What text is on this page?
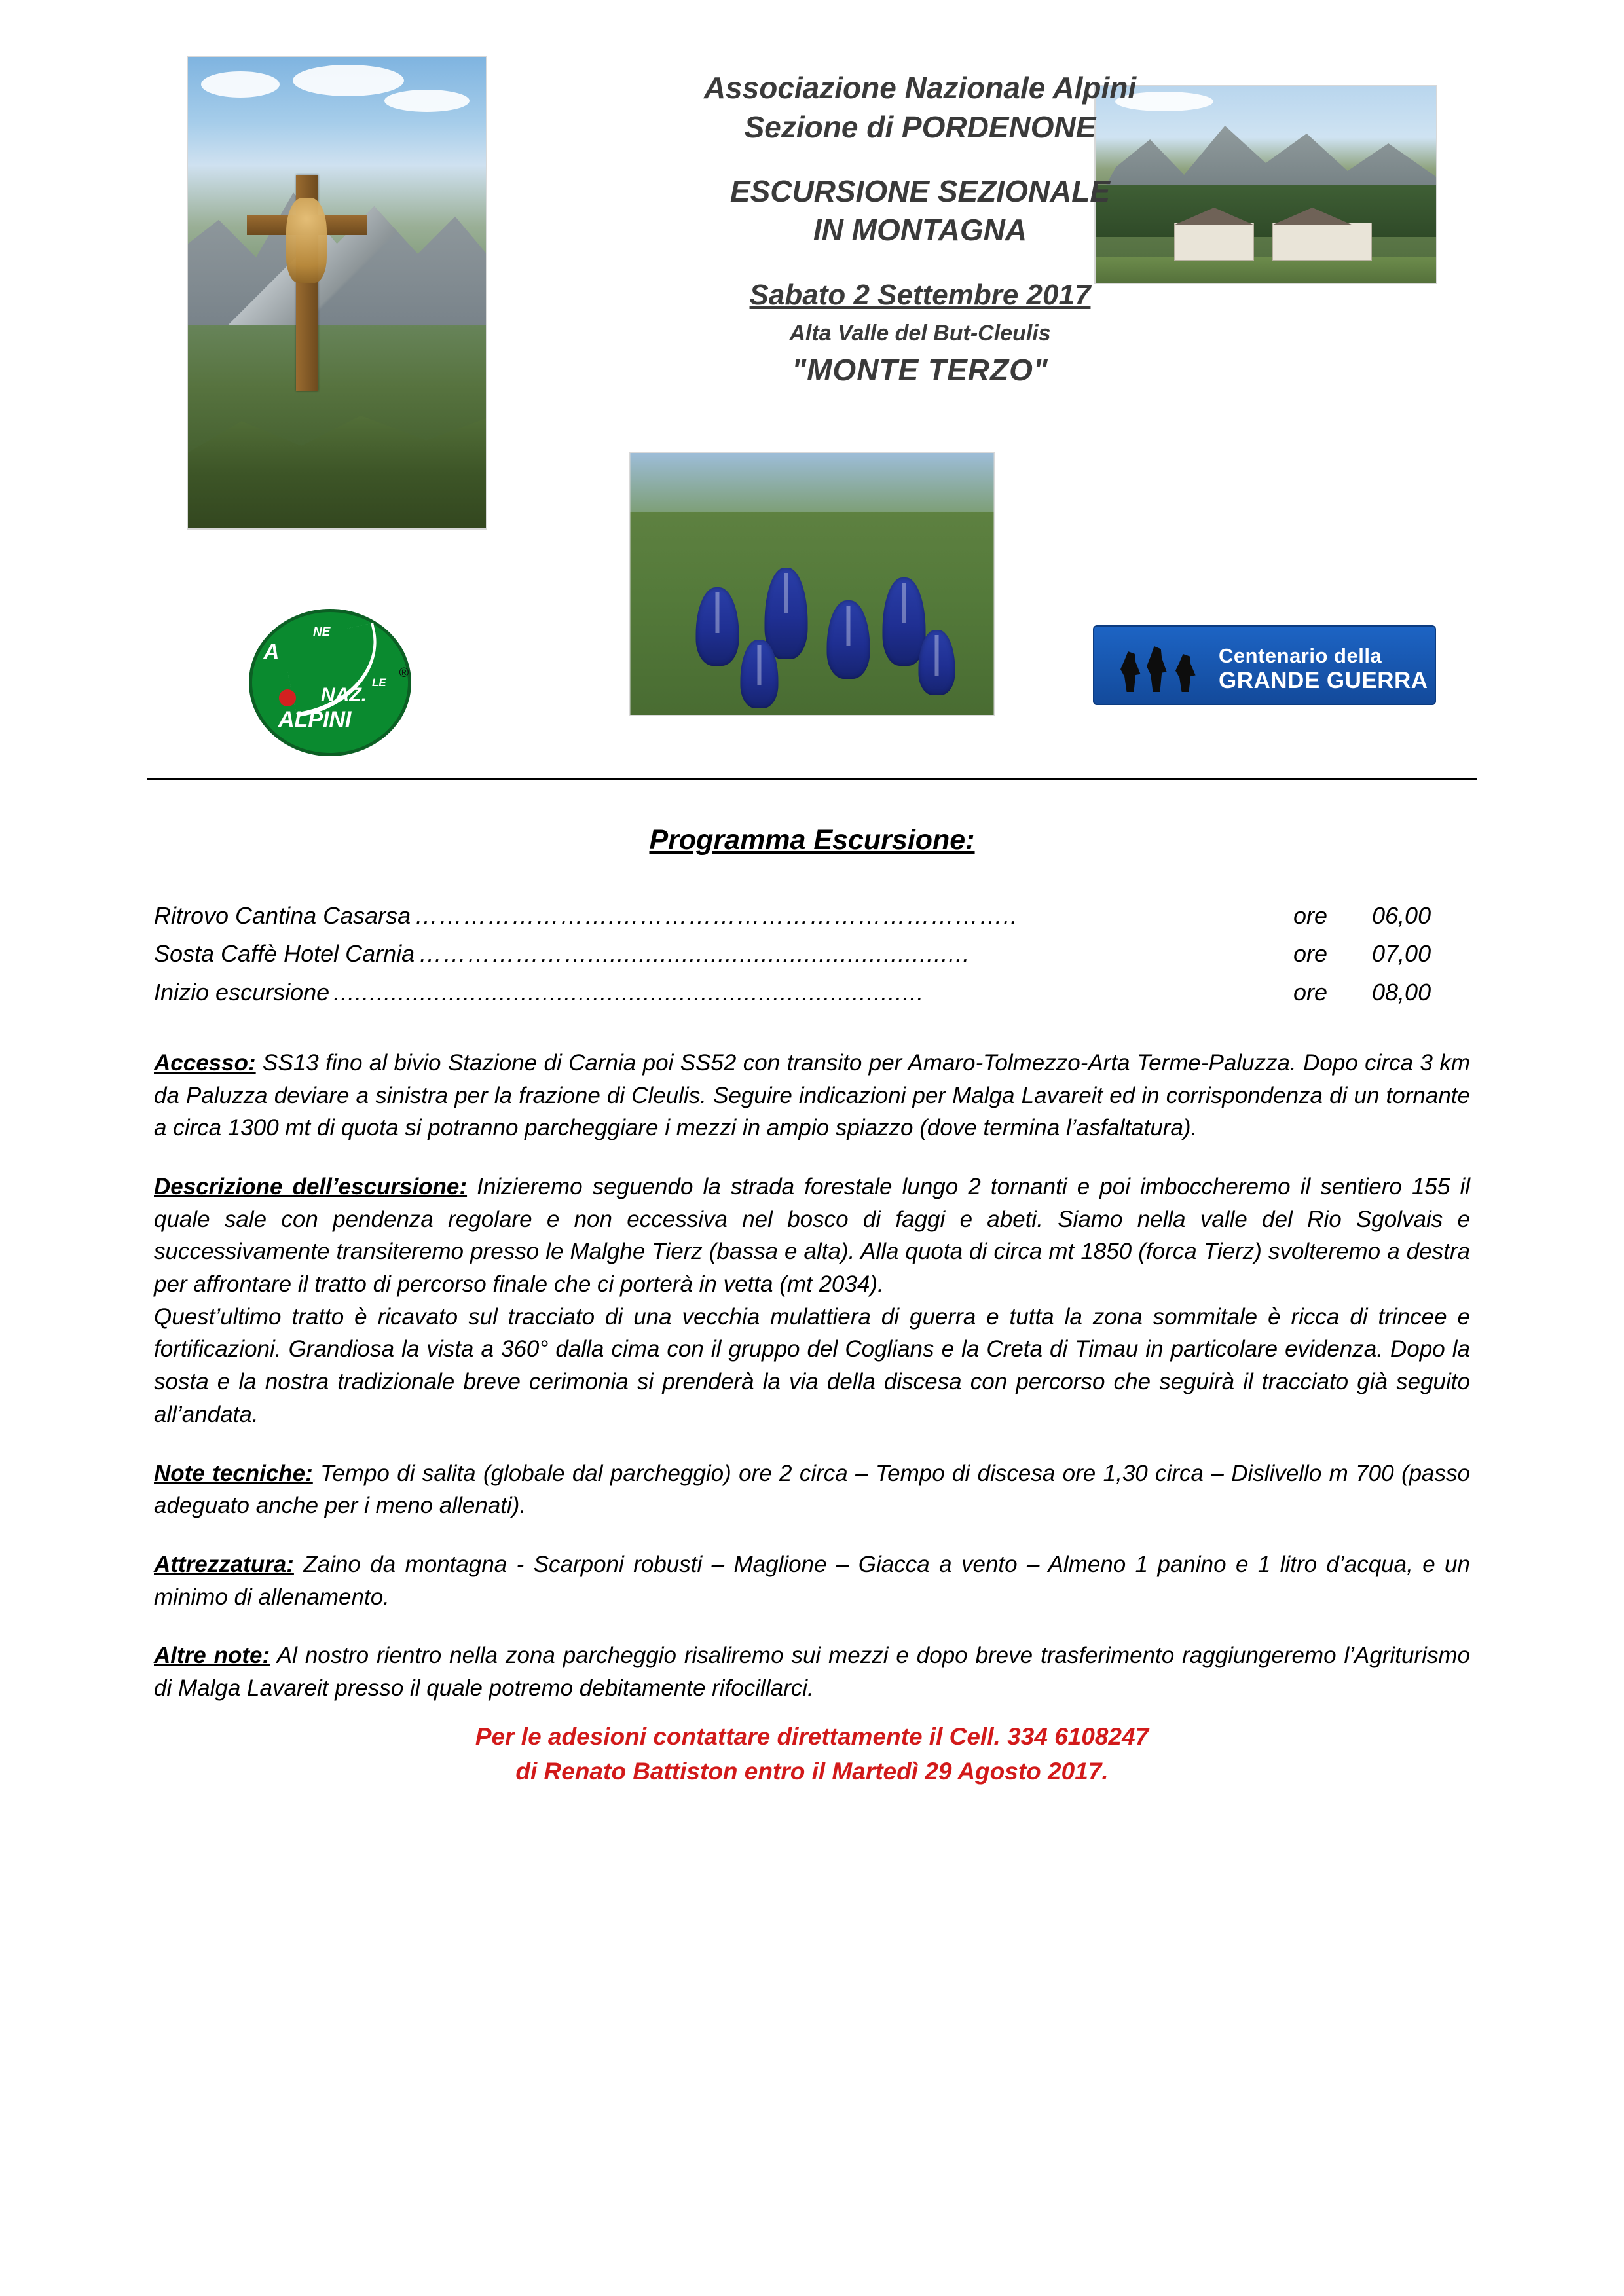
Associazione Nazionale Alpini
Sezione di PORDENONE
ESCURSIONE SEZIONALE
IN MONTAGNA
Sabato 2 Settembre 2017
Alta Valle del But-Cleulis
"MONTE TERZO"
A
NE
NAZ.
LE
ALPINI
®
Centenario della
GRANDE GUERRA
Programma Escursione:
Ritrovo Cantina Casarsa …………………….…………………………………………..	ore	06,00
Sosta Caffè Hotel Carnia ………………….....................................................	ore	07,00
Inizio escursione ..................................................................................	ore	08,00

Accesso: SS13 fino al bivio Stazione di Carnia poi SS52 con transito per Amaro-Tolmezzo-Arta Terme-Paluzza. Dopo circa 3 km da Paluzza deviare a sinistra per la frazione di Cleulis. Seguire indicazioni per Malga Lavareit ed in corrispondenza di un tornante a circa 1300 mt di quota si potranno parcheggiare i mezzi in ampio spiazzo (dove termina l’asfaltatura).

Descrizione dell’escursione: Inizieremo seguendo la strada forestale lungo 2 tornanti e poi imboccheremo il sentiero 155 il quale sale con pendenza regolare e non eccessiva nel bosco di faggi e abeti. Siamo nella valle del Rio Sgolvais e successivamente transiteremo presso le Malghe Tierz (bassa e alta). Alla quota di circa mt 1850 (forca Tierz) svolteremo a destra per affrontare il tratto di percorso finale che ci porterà in vetta (mt 2034).

Quest’ultimo tratto è ricavato sul tracciato di una vecchia mulattiera di guerra e tutta la zona sommitale è ricca di trincee e fortificazioni. Grandiosa la vista a 360° dalla cima con il gruppo del Coglians e la Creta di Timau in particolare evidenza. Dopo la sosta e la nostra tradizionale breve cerimonia si prenderà la via della discesa con percorso che seguirà il tracciato già seguito all’andata.

Note tecniche: Tempo di salita (globale dal parcheggio) ore 2 circa – Tempo di discesa ore 1,30 circa – Dislivello m 700 (passo adeguato anche per i meno allenati).

Attrezzatura: Zaino da montagna - Scarponi robusti – Maglione – Giacca a vento – Almeno 1 panino e 1 litro d’acqua, e un minimo di allenamento.

Altre note: Al nostro rientro nella zona parcheggio risaliremo sui mezzi e dopo breve trasferimento raggiungeremo l’Agriturismo di Malga Lavareit presso il quale potremo debitamente rifocillarci.

Per le adesioni contattare direttamente il Cell. 334 6108247
di Renato Battiston entro il Martedì 29 Agosto 2017.
